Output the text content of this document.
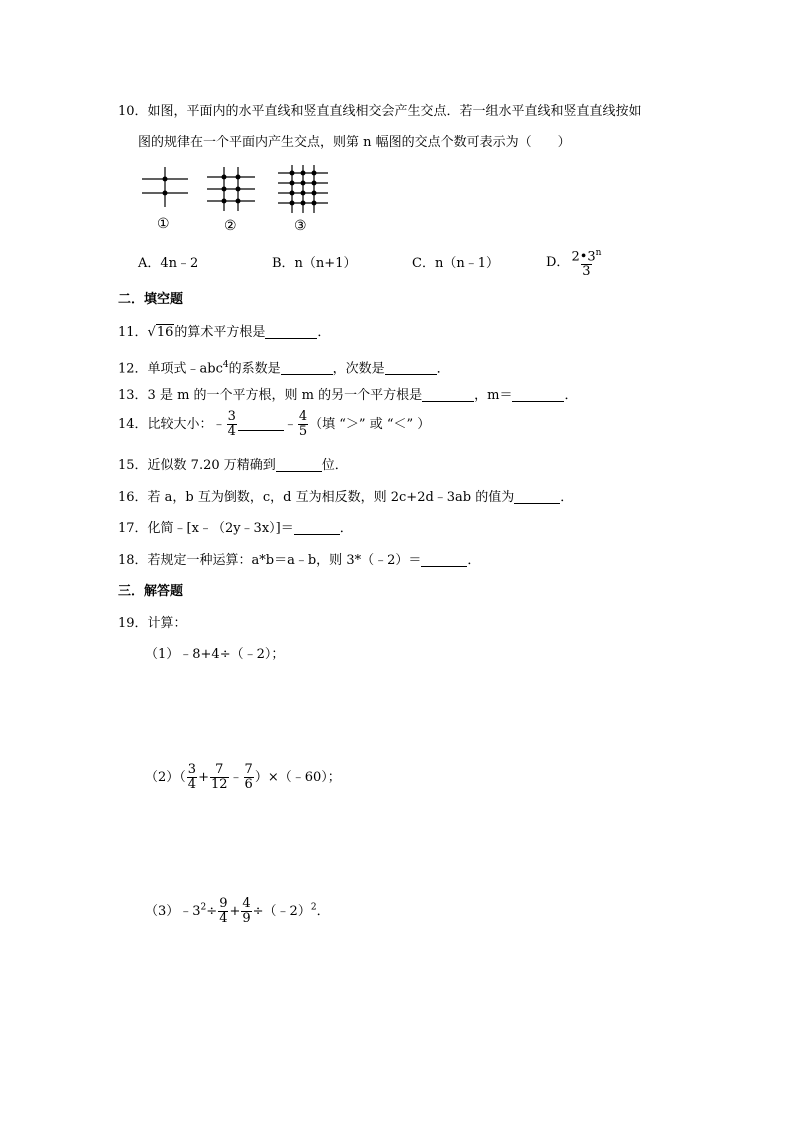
10．如图，平面内的水平直线和竖直直线相交会产生交点．若一组水平直线和竖直直线按如
图的规律在一个平面内产生交点，则第 n 幅图的交点个数可表示为（　　）
①	②	③
A．4n﹣2	B．n（n+1）	C．n（n﹣1）	D． $\frac{2•3^n}{3}$
二．填空题
11．√16的算术平方根是	．
12．单项式﹣abc$^4$的系数是	，次数是	．
13．3 是 m 的一个平方根，则 m 的另一个平方根是	，m＝	．
14．比较大小：﹣ $\frac{3}{4}$	﹣ $\frac{4}{5}$ （填 “＞” 或 “＜” ）
15．近似数 7.20 万精确到	位．
16．若 a，b 互为倒数，c，d 互为相反数，则 2c+2d﹣3ab 的值为	．
17．化简﹣[x﹣（2y﹣3x）]＝	．
18．若规定一种运算：a*b＝a﹣b，则 3*（﹣2）＝	．
三．解答题
19．计算：
（1）﹣8+4÷（﹣2）；
$(2)( \frac{3}{4} + \frac{7}{12}$ ﹣ $\frac{7}{6}$ ）×（﹣60）；
$(3)﹣3^2\div \frac{9}{4} + \frac{4}{9}$ ÷（﹣2）$^2$．
